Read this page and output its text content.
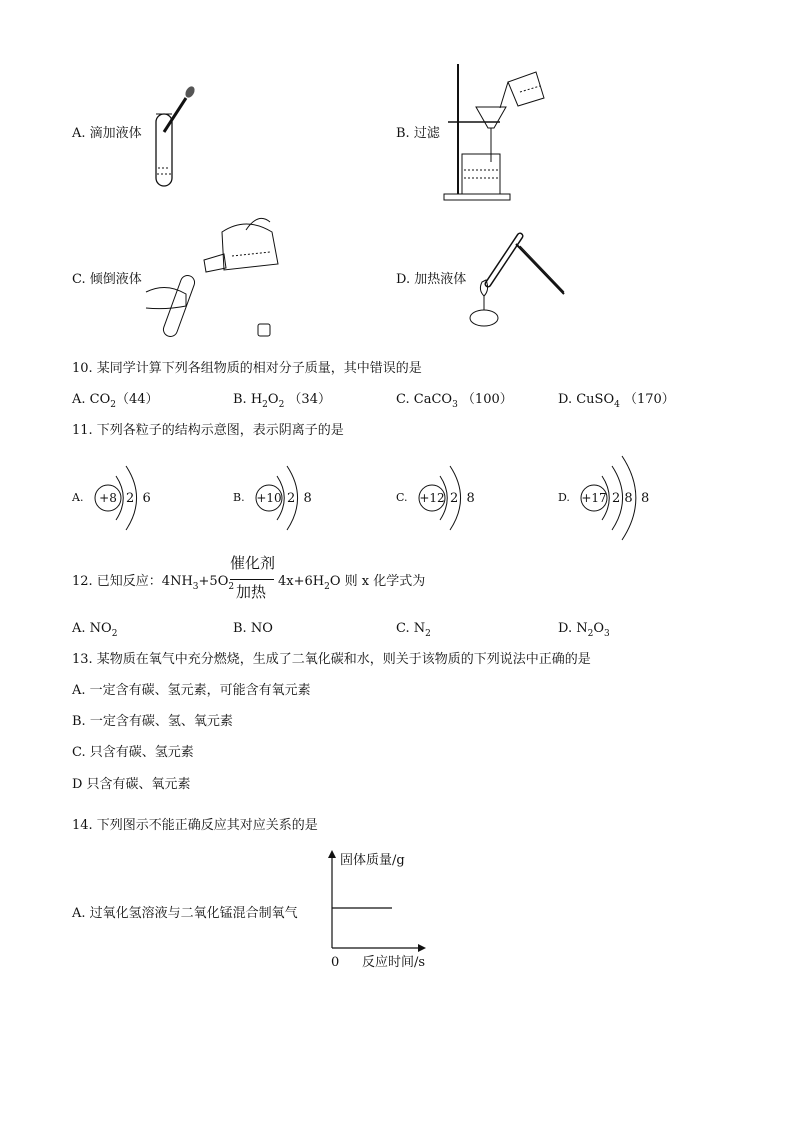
A. 滴加液体	B. 过滤
C. 倾倒液体	D. 加热液体
10. 某同学计算下列各组物质的相对分子质量，其中错误的是
A. $CO_2(44)$	B. $H_2O_2$ （34）	C. CaCO$_3$ （100）	D. CuSO$_4$ （170）
11. 下列各粒子的结构示意图，表示阴离子的是
A.	+8 2  6	B. +10 2  8	C. +12 2  8	D. +17 2 8  8
12. 已知反应：$4NH_3+5O_2$
催化剂
加热
$4x+6H_2O$ 则 x 化学式为
A. $NO_2$	B. NO	C. $N_2$	D. $N_2O_3$
13. 某物质在氧气中充分燃烧，生成了二氧化碳和水，则关于该物质的下列说法中正确的是
A. 一定含有碳、氢元素，可能含有氧元素
B. 一定含有碳、氢、氧元素
C. 只含有碳、氢元素
D 只含有碳、氧元素
14. 下列图示不能正确反应其对应关系的是
A. 过氧化氢溶液与二氧化锰混合制氧气
固体质量/g
反应时间/s
0
